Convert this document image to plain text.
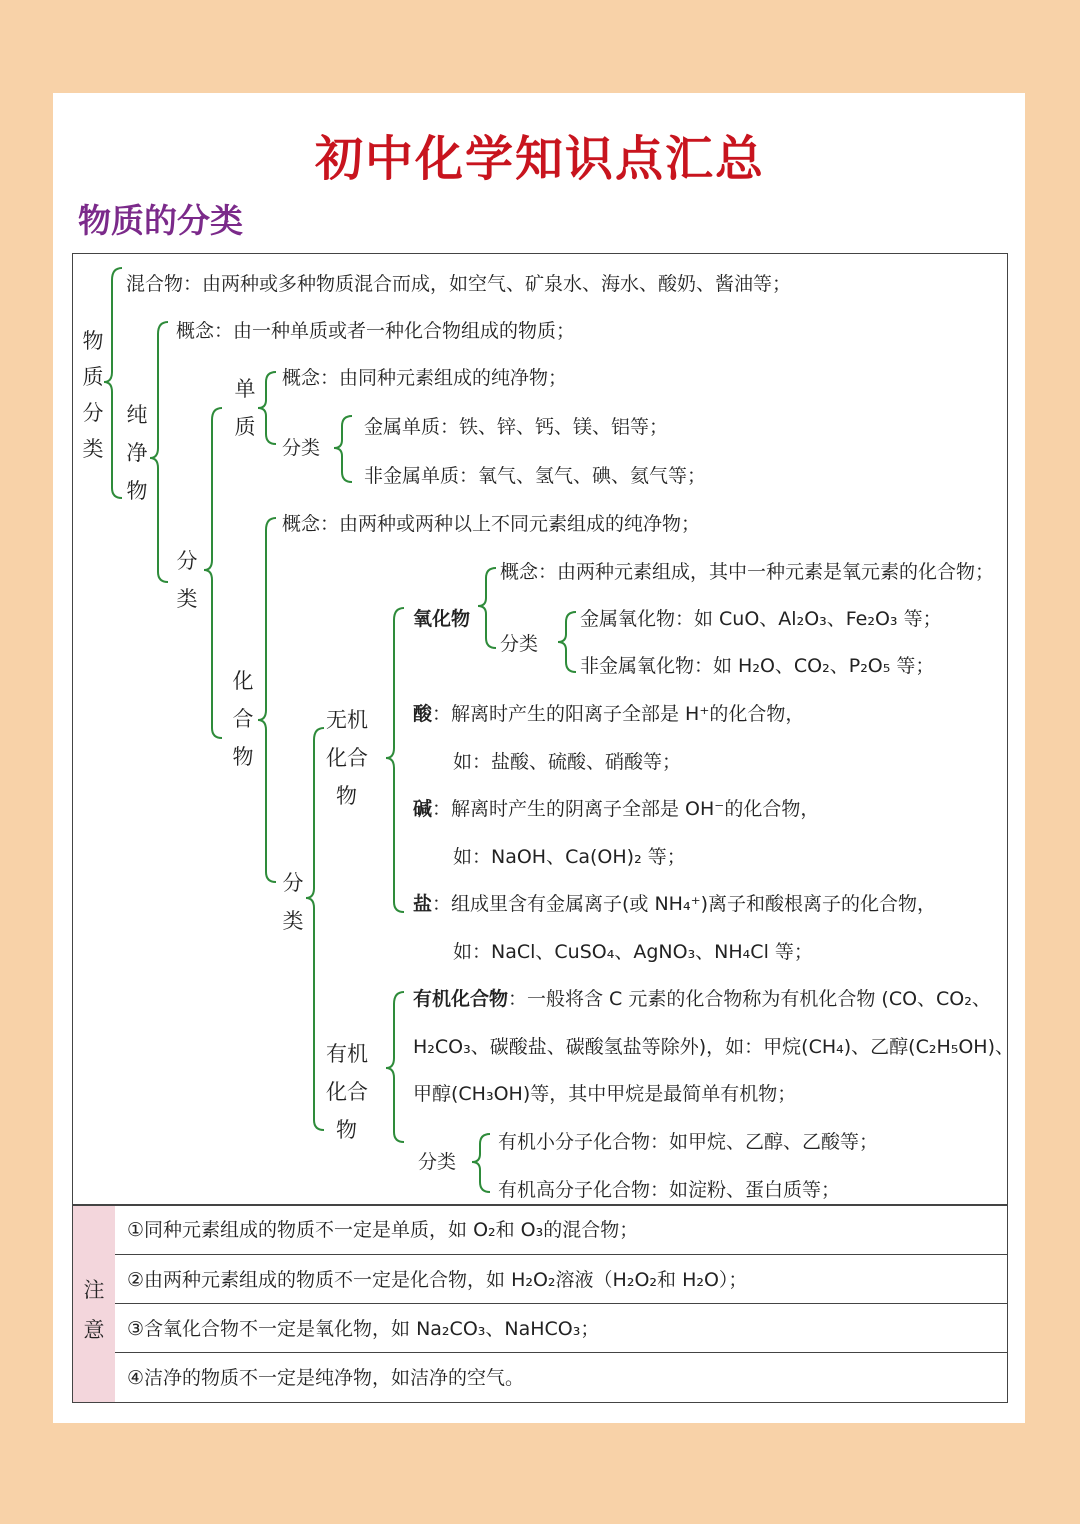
初中化学知识点汇总
物质的分类
物
质
分
类
混合物：由两种或多种物质混合而成，如空气、矿泉水、海水、酸奶、酱油等；
纯
净
物
概念：由一种单质或者一种化合物组成的物质；
分
类
单
质
概念：由同种元素组成的纯净物；
分类
金属单质：铁、锌、钙、镁、铝等；
非金属单质：氧气、氢气、碘、氦气等；
化
合
物
概念：由两种或两种以上不同元素组成的纯净物；
分
类
无机
化合
物
氧化物
概念：由两种元素组成，其中一种元素是氧元素的化合物；
分类
金属氧化物：如 CuO、Al₂O₃、Fe₂O₃ 等；
非金属氧化物：如 H₂O、CO₂、P₂O₅ 等；
酸：解离时产生的阳离子全部是 H⁺的化合物，
如：盐酸、硫酸、硝酸等；
碱：解离时产生的阴离子全部是 OH⁻的化合物，
如：NaOH、Ca(OH)₂ 等；
盐：组成里含有金属离子(或 NH₄⁺)离子和酸根离子的化合物，
如：NaCl、CuSO₄、AgNO₃、NH₄Cl 等；
有机
化合
物
有机化合物：一般将含 C 元素的化合物称为有机化合物 (CO、CO₂、
H₂CO₃、碳酸盐、碳酸氢盐等除外)，如：甲烷(CH₄)、乙醇(C₂H₅OH)、
甲醇(CH₃OH)等，其中甲烷是最简单有机物；
分类
有机小分子化合物：如甲烷、乙醇、乙酸等；
有机高分子化合物：如淀粉、蛋白质等；
注
意
①同种元素组成的物质不一定是单质，如 O₂和 O₃的混合物；
②由两种元素组成的物质不一定是化合物，如 H₂O₂溶液（H₂O₂和 H₂O）；
③含氧化合物不一定是氧化物，如 Na₂CO₃、NaHCO₃；
④洁净的物质不一定是纯净物，如洁净的空气。
